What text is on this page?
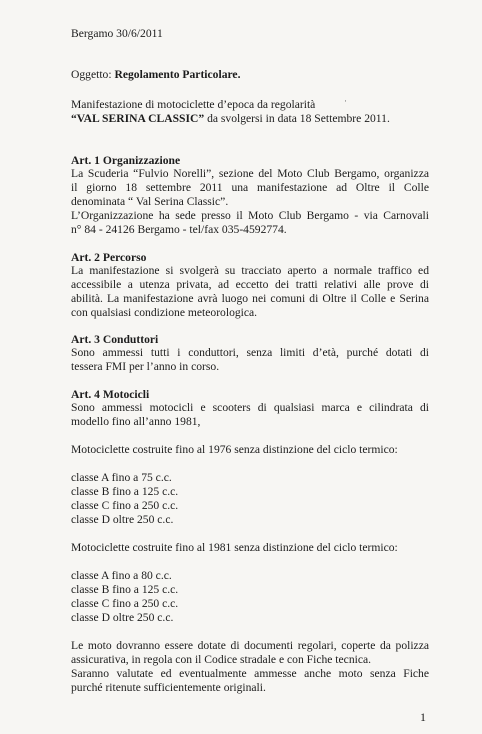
Bergamo 30/6/2011
Oggetto: Regolamento Particolare.
·
Manifestazione di motociclette d’epoca da regolarità
“VAL SERINA CLASSIC” da svolgersi in data 18 Settembre 2011.
Art. 1 Organizzazione
La Scuderia “Fulvio Norelli”, sezione del Moto Club Bergamo, organizza
il giorno 18 settembre 2011 una manifestazione ad Oltre il Colle
denominata “ Val Serina Classic”.
L’Organizzazione ha sede presso il Moto Club Bergamo - via Carnovali
n° 84 - 24126 Bergamo - tel/fax 035-4592774.
Art. 2 Percorso
La manifestazione si svolgerà su tracciato aperto a normale traffico ed
accessibile a utenza privata, ad eccetto dei tratti relativi alle prove di
abilità. La manifestazione avrà luogo nei comuni di Oltre il Colle e Serina
con qualsiasi condizione meteorologica.
Art. 3 Conduttori
Sono ammessi tutti i conduttori, senza limiti d’età, purché dotati di
tessera FMI per l’anno in corso.
Art. 4 Motocicli
Sono ammessi motocicli e scooters di qualsiasi marca e cilindrata di
modello fino all’anno 1981,
Motociclette costruite fino al 1976 senza distinzione del ciclo termico:
classe A fino a 75 c.c.
classe B fino a 125 c.c.
classe C fino a 250 c.c.
classe D oltre 250 c.c.
Motociclette costruite fino al 1981 senza distinzione del ciclo termico:
classe A fino a 80 c.c.
classe B fino a 125 c.c.
classe C fino a 250 c.c.
classe D oltre 250 c.c.
Le moto dovranno essere dotate di documenti regolari, coperte da polizza
assicurativa, in regola con il Codice stradale e con Fiche tecnica.
Saranno valutate ed eventualmente ammesse anche moto senza Fiche
purché ritenute sufficientemente originali.
1
